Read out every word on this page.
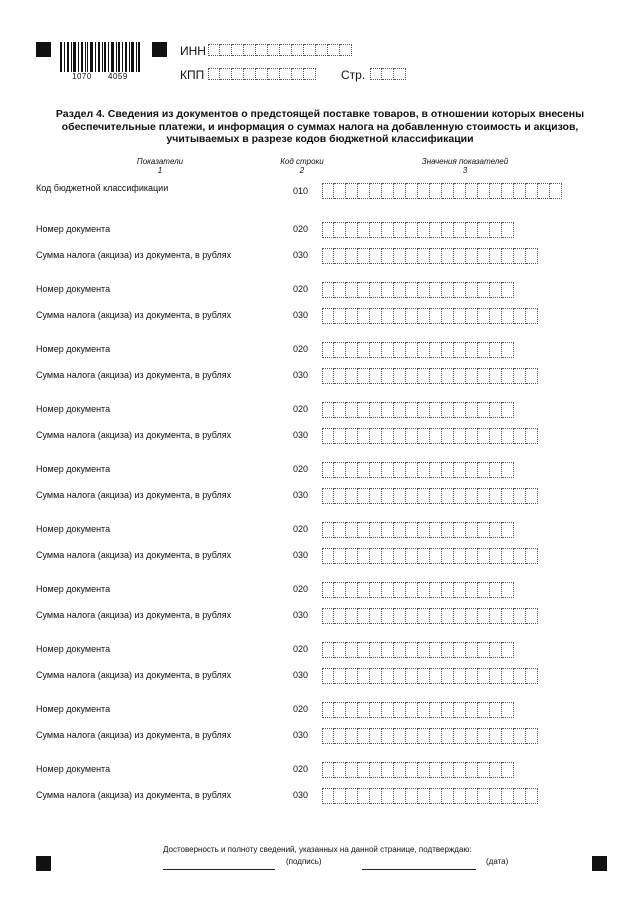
1070 4059
ИНН
КПП	Стр.
Раздел 4. Сведения из документов о предстоящей поставке товаров, в отношении которых внесены
обеспечительные платежи, и информация о суммах налога на добавленную стоимость и акцизов,
учитываемых в разрезе кодов бюджетной классификации
Показатели
1
Код строки
2
Значения показателей
3
Код бюджетной классификации	010
Номер документа	020
Сумма налога (акциза) из документа, в рублях	030
Номер документа	020
Сумма налога (акциза) из документа, в рублях	030
Номер документа	020
Сумма налога (акциза) из документа, в рублях	030
Номер документа	020
Сумма налога (акциза) из документа, в рублях	030
Номер документа	020
Сумма налога (акциза) из документа, в рублях	030
Номер документа	020
Сумма налога (акциза) из документа, в рублях	030
Номер документа	020
Сумма налога (акциза) из документа, в рублях	030
Номер документа	020
Сумма налога (акциза) из документа, в рублях	030
Номер документа	020
Сумма налога (акциза) из документа, в рублях	030
Номер документа	020
Сумма налога (акциза) из документа, в рублях	030
Достоверность и полноту сведений, указанных на данной странице, подтверждаю:
(подпись)	(дата)
